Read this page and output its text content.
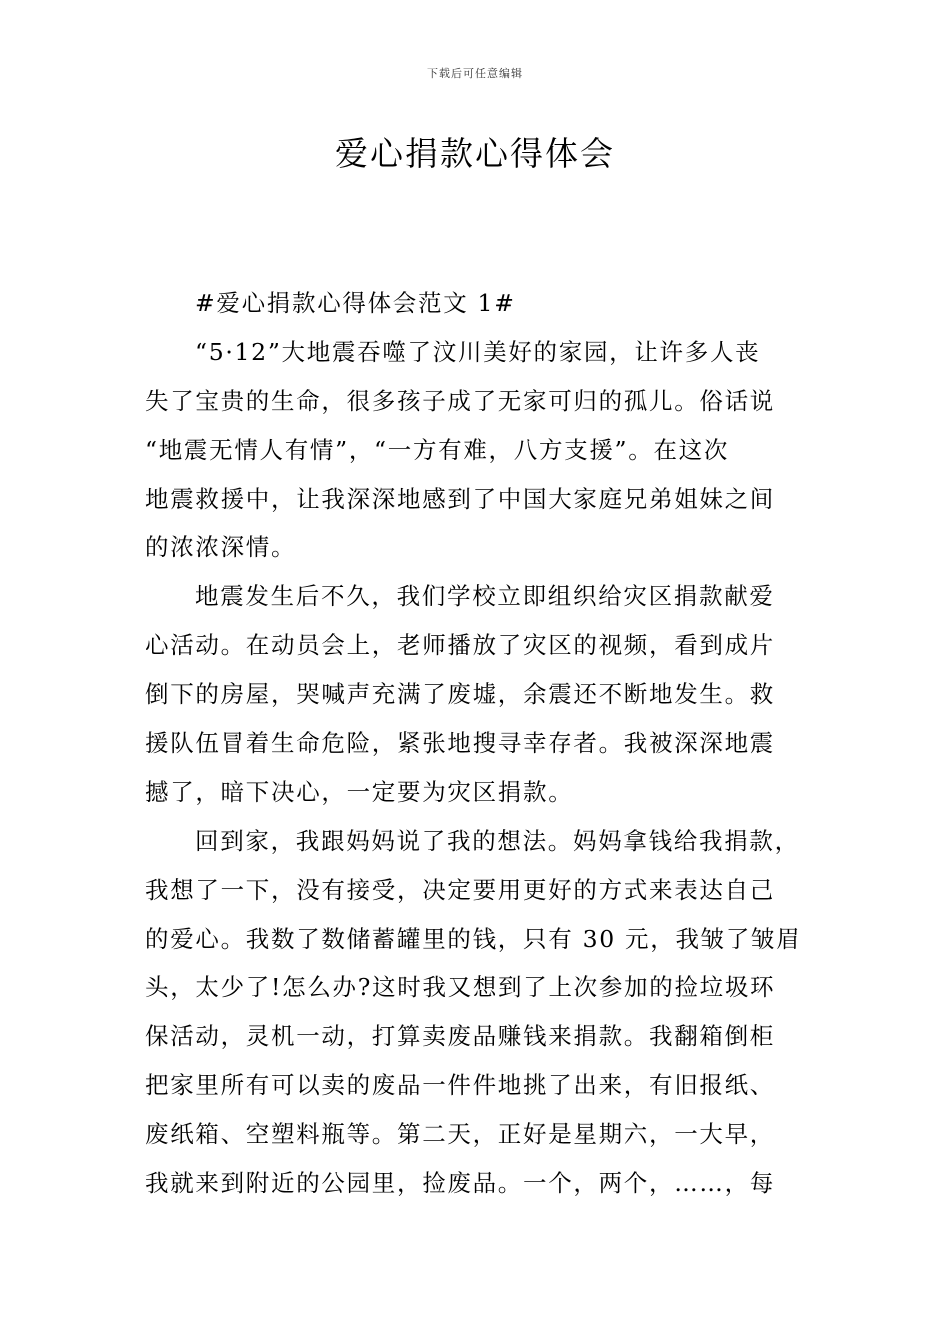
下载后可任意编辑
爱心捐款心得体会
#爱心捐款心得体会范文 1#
“5·12”大地震吞噬了汶川美好的家园，让许多人丧
失了宝贵的生命，很多孩子成了无家可归的孤儿。俗话说
“地震无情人有情”，“一方有难，八方支援”。在这次
地震救援中，让我深深地感到了中国大家庭兄弟姐妹之间
的浓浓深情。
地震发生后不久，我们学校立即组织给灾区捐款献爱
心活动。在动员会上，老师播放了灾区的视频，看到成片
倒下的房屋，哭喊声充满了废墟，余震还不断地发生。救
援队伍冒着生命危险，紧张地搜寻幸存者。我被深深地震
撼了，暗下决心，一定要为灾区捐款。
回到家，我跟妈妈说了我的想法。妈妈拿钱给我捐款，
我想了一下，没有接受，决定要用更好的方式来表达自己
的爱心。我数了数储蓄罐里的钱，只有 30 元，我皱了皱眉
头，太少了!怎么办?这时我又想到了上次参加的捡垃圾环
保活动，灵机一动，打算卖废品赚钱来捐款。我翻箱倒柜
把家里所有可以卖的废品一件件地挑了出来，有旧报纸、
废纸箱、空塑料瓶等。第二天，正好是星期六，一大早，
我就来到附近的公园里，捡废品。一个，两个，……，每
